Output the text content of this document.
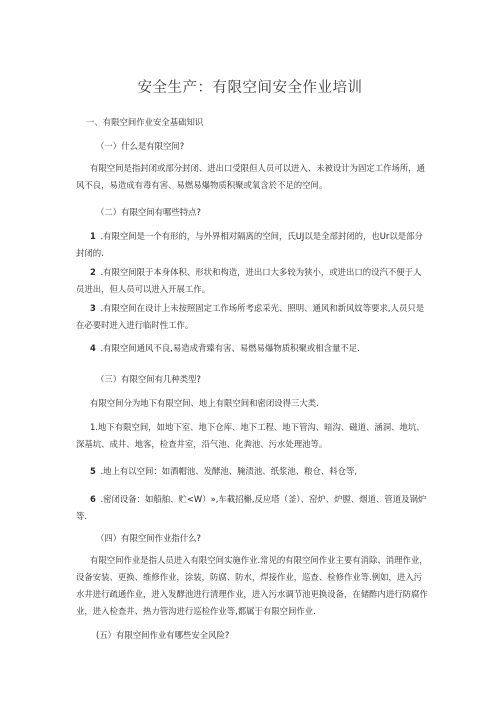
安全生产：有限空间安全作业培训
一、有限空间作业安全基础知识
（一）什么是有限空间?
有限空间是指封闭或部分封闭、进出口受限但人员可以进入、未被设计为固定工作场所，通风不良，易造成有毒有害、易燃易爆物质积聚或氧含於不足的空间。
（二）有限空间有哪些特点?
1 .有限空间是一个有形的，与外界相对隔离的空间，氏UJ以是全部封闭的，也Ur以是部分封闭的.
2 .有限空间限于本身体积、形状和构造，进出口大多较为狭小，或进出口的设汽不便于人员进出，但人员可以进入开展工作。
3 .有限空间在设计上未按照固定工作场所考虑采光、照明、通风和新风妏等要求,人员只是在必要时进入进行临时性工作。
4 .有限空间通风不良,易造成背臻有害、易燃易爆物质积聚或相含量不足.
（三）有限空间有几种类型?
有限空间分为地下有限空间、地上有限空间和密闭设得三大类.
1.地下有限空间，如地下室、地下仓库、地下工程、地下管沟、暗沟、磁道、涵洞、地坑、深基坑、成井、地客，检查井室，沿气池、化粪池、污水处理池等。
5 .地上有以空间：如酒帽池、发酵池、腌渍池、纸浆池、粮仓、料仓等,
6 .密闭设备：如船舶、贮<W）»,车載招槲,反应塔（釜）、窑炉、炉膛、烟道、管道及锅炉等.
（四）有限空间作业指什么?
有限空间作业是指人员进入有限空间实施作业.常见的有限空间作业主要有消除、消理作业，设备安装、更换、维修作业，涂装，防腐、防水，焊接作业，巡查、检修作业等.例如，进入污水井进行疏通作业，进入发酵池进行清理作业，进入污水调节池更换设备，在储酢内进行防腐作业，进入检查井、热力管沟进行巡检作业等,都属于有限空间作业.
(五）有限空间作业有哪些安全风险?
